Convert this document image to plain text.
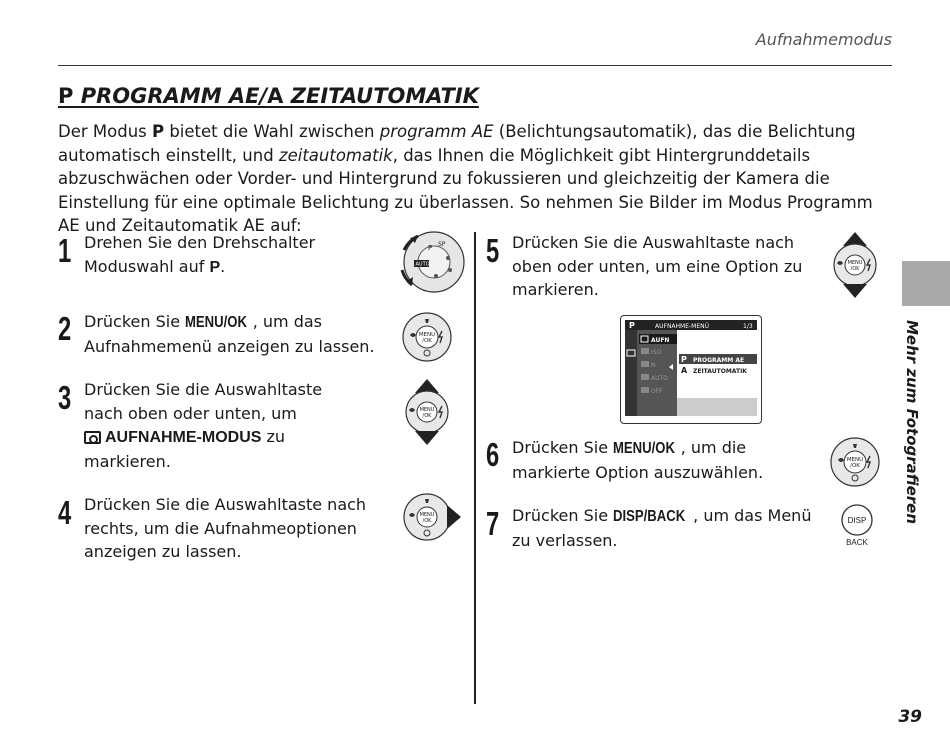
Aufnahmemodus
P PROGRAMM AE/A ZEITAUTOMATIK
Der Modus P bietet die Wahl zwischen programm AE (Belichtungsautomatik), das die Belichtung automatisch einstellt, und zeitautomatik, das Ihnen die Möglichkeit gibt Hintergrunddetails abzuschwächen oder Vorder- und Hintergrund zu fokussieren und gleichzeitig der Kamera die Einstellung für eine optimale Belichtung zu überlassen. So nehmen Sie Bilder im Modus Programm AE und Zeitautomatik AE auf:
1 Drehen Sie den Drehschalter Moduswahl auf P.
P
AUTO
SP
2 Drücken Sie MENU/OK , um das Aufnahmemenü anzeigen zu lassen.
MENU
/OK
3 Drücken Sie die Auswahltaste nach oben oder unten, um
AUFNAHME-MODUS zu markieren.
MENU
/OK
4 Drücken Sie die Auswahltaste nach rechts, um die Aufnahmeoptionen anzeigen zu lassen.
MENU
/OK
5 Drücken Sie die Auswahltaste nach oben oder unten, um eine Option zu markieren.
MENU
/OK
P	AUFNAHME-MENÜ	1/3
AUFN
ISO
N
AUTO
OFF
P PROGRAMM AE
A ZEITAUTOMATIK
6 Drücken Sie MENU/OK , um die markierte Option auszuwählen.
MENU
/OK
7 Drücken Sie DISP/BACK , um das Menü zu verlassen.
DISP
BACK
Mehr zum Fotografieren
39
